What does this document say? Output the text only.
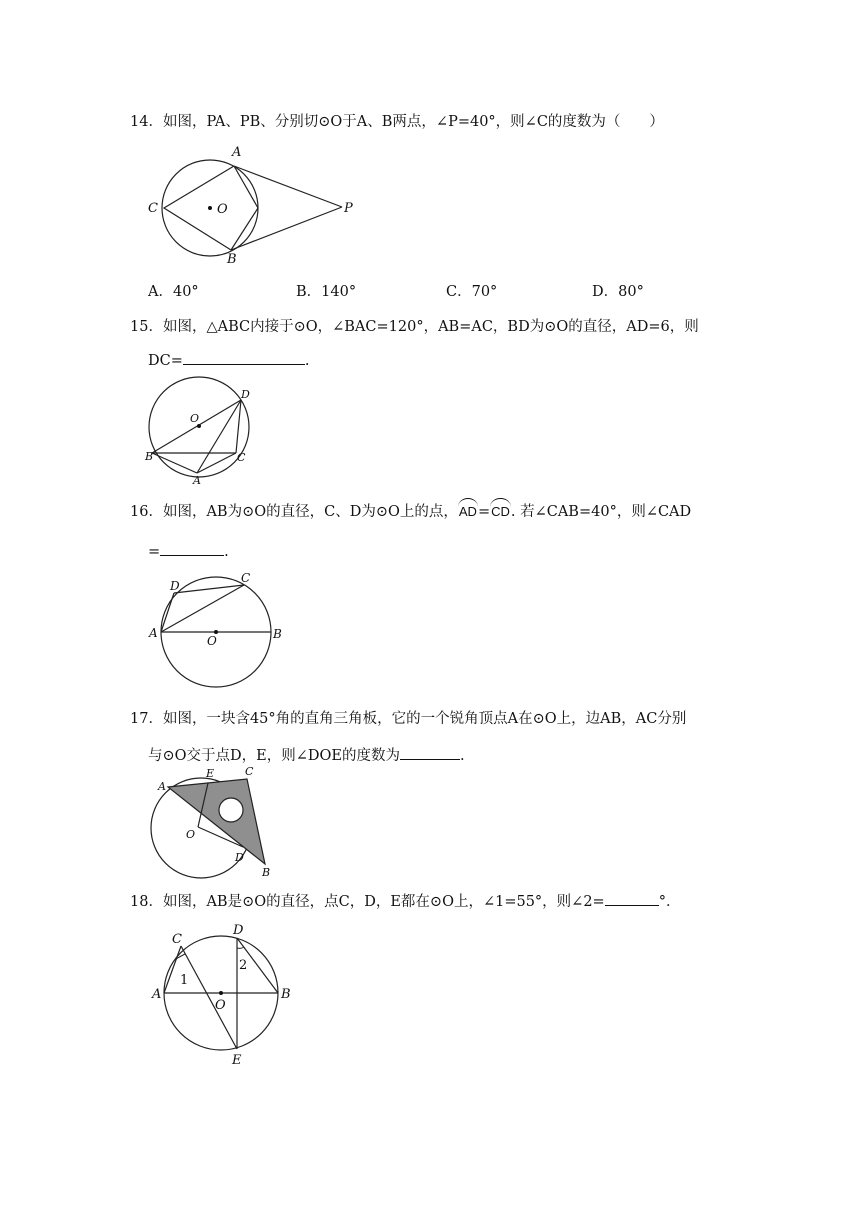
14．如图，PA、PB、分别切⊙O于A、B两点，∠P=40°，则∠C的度数为（　　）
A
C	O	P
B
A．40°	B．140°	C．70°	D．80°
15．如图，△ABC内接于⊙O，∠BAC=120°，AB=AC，BD为⊙O的直径，AD=6，则
DC=	.
O
D
B	C
A
16．如图，AB为⊙O的直径，C、D为⊙O上的点，AD=CD. 若∠CAB=40°，则∠CAD
=	.
D
C
A	B
O
17．如图，一块含45°角的直角三角板，它的一个锐角顶点A在⊙O上，边AB，AC分别
与⊙O交于点D，E，则∠DOE的度数为	.
A
E	C
O
D
B
18．如图，AB是⊙O的直径，点C，D，E都在⊙O上，∠1=55°，则∠2=	°．
C
D
A	B
O
E
1
2
